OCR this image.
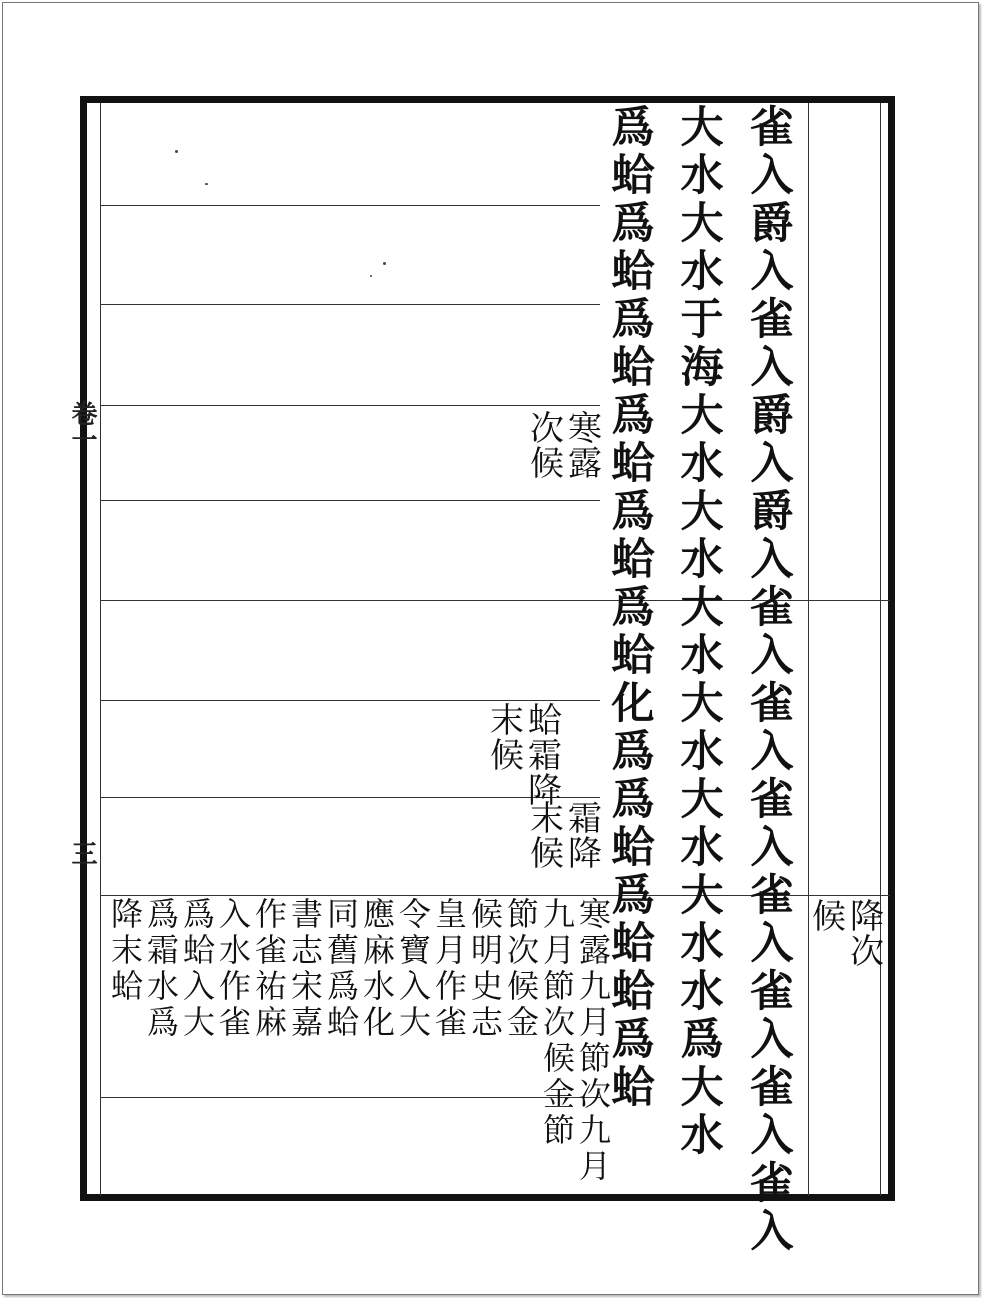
卷一
三
雀
入
爵
入
雀
入
爵
入
爵
入
雀
入
雀
入
雀
入
雀
入
雀
入
雀
入
雀
入
大
水
大
水
于
海
大
水
大
水
大
水
大
水
大
水
大
水
水
爲
大
水
爲
蛤
爲
蛤
爲
蛤
爲
蛤
爲
蛤
爲
蛤
化
爲
爲
蛤
爲
蛤
蛤
爲
蛤
寒
露
次
候
蛤
霜
降
末
候
霜
降
末
候
降
次
候
寒
露
九
月
節
次
九
月
九
月
節
次
候
金
節
節
次
候
金
候
明
史
志
皇
月
作
雀
令
寶
入
大
應
麻
水
化
同
舊
爲
蛤
書
志
宋
嘉
作
雀
祐
麻
入
水
作
雀
爲
蛤
入
大
爲
霜
水
爲
降
末
蛤
